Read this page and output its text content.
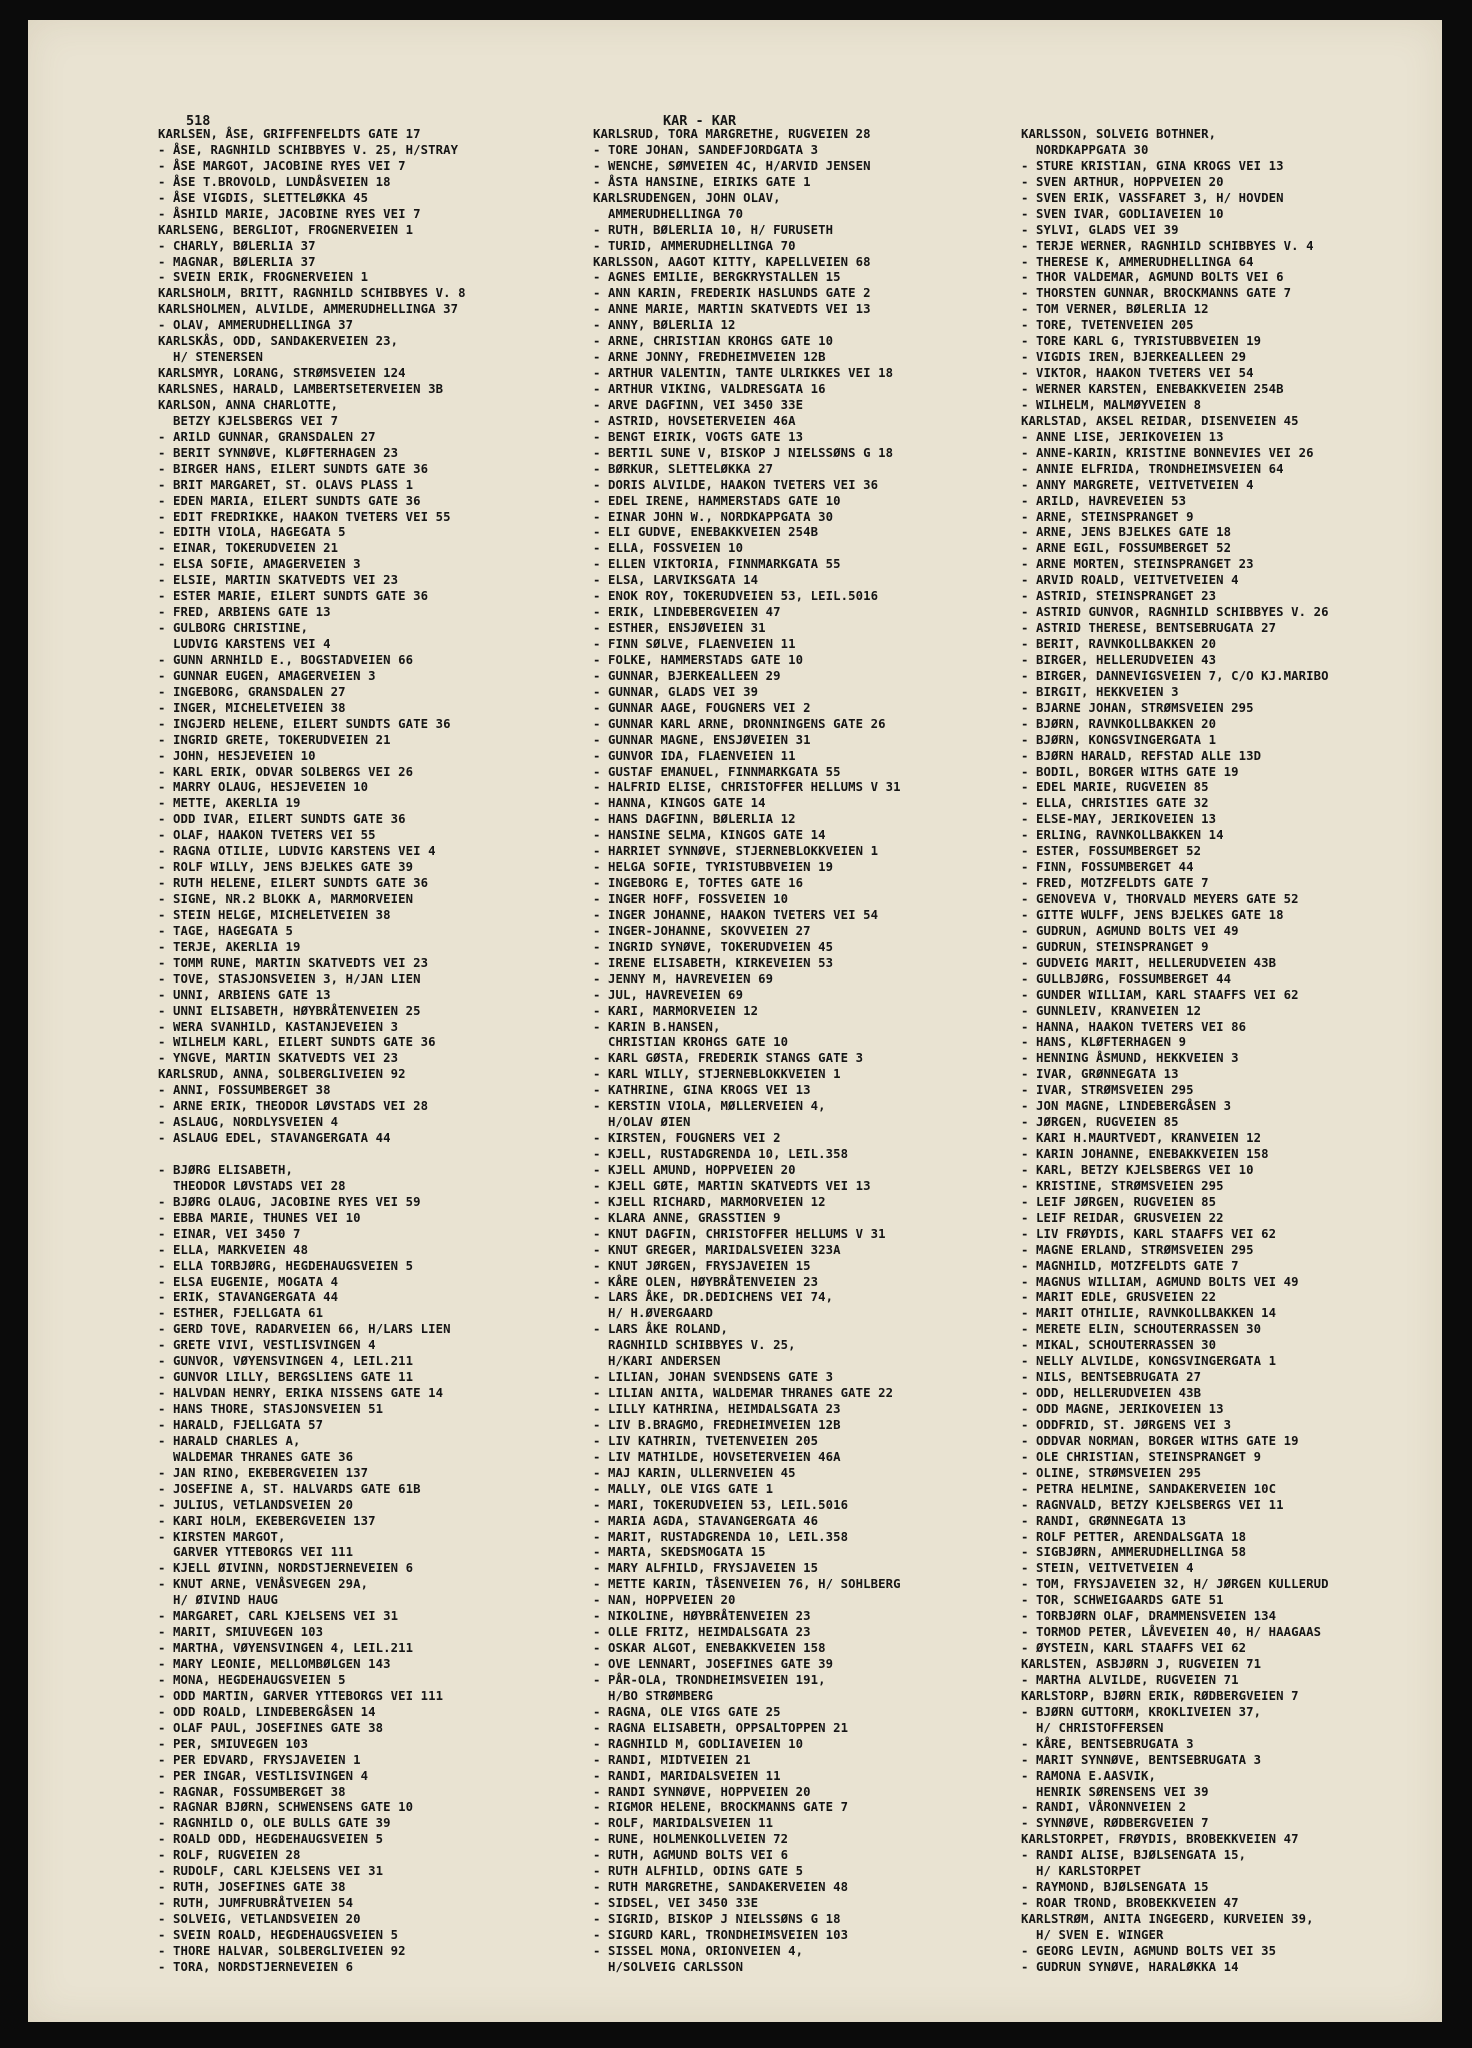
518	KAR - KAR
KARLSEN, ÅSE, GRIFFENFELDTS GATE 17
- ÅSE, RAGNHILD SCHIBBYES V. 25, H/STRAY
- ÅSE MARGOT, JACOBINE RYES VEI 7
- ÅSE T.BROVOLD, LUNDÅSVEIEN 18
- ÅSE VIGDIS, SLETTELØKKA 45
- ÅSHILD MARIE, JACOBINE RYES VEI 7
KARLSENG, BERGLIOT, FROGNERVEIEN 1
- CHARLY, BØLERLIA 37
- MAGNAR, BØLERLIA 37
- SVEIN ERIK, FROGNERVEIEN 1
KARLSHOLM, BRITT, RAGNHILD SCHIBBYES V. 8
KARLSHOLMEN, ALVILDE, AMMERUDHELLINGA 37
- OLAV, AMMERUDHELLINGA 37
KARLSKÅS, ODD, SANDAKERVEIEN 23,
H/ STENERSEN
KARLSMYR, LORANG, STRØMSVEIEN 124
KARLSNES, HARALD, LAMBERTSETERVEIEN 3B
KARLSON, ANNA CHARLOTTE,
BETZY KJELSBERGS VEI 7
- ARILD GUNNAR, GRANSDALEN 27
- BERIT SYNNØVE, KLØFTERHAGEN 23
- BIRGER HANS, EILERT SUNDTS GATE 36
- BRIT MARGARET, ST. OLAVS PLASS 1
- EDEN MARIA, EILERT SUNDTS GATE 36
- EDIT FREDRIKKE, HAAKON TVETERS VEI 55
- EDITH VIOLA, HAGEGATA 5
- EINAR, TOKERUDVEIEN 21
- ELSA SOFIE, AMAGERVEIEN 3
- ELSIE, MARTIN SKATVEDTS VEI 23
- ESTER MARIE, EILERT SUNDTS GATE 36
- FRED, ARBIENS GATE 13
- GULBORG CHRISTINE,
LUDVIG KARSTENS VEI 4
- GUNN ARNHILD E., BOGSTADVEIEN 66
- GUNNAR EUGEN, AMAGERVEIEN 3
- INGEBORG, GRANSDALEN 27
- INGER, MICHELETVEIEN 38
- INGJERD HELENE, EILERT SUNDTS GATE 36
- INGRID GRETE, TOKERUDVEIEN 21
- JOHN, HESJEVEIEN 10
- KARL ERIK, ODVAR SOLBERGS VEI 26
- MARRY OLAUG, HESJEVEIEN 10
- METTE, AKERLIA 19
- ODD IVAR, EILERT SUNDTS GATE 36
- OLAF, HAAKON TVETERS VEI 55
- RAGNA OTILIE, LUDVIG KARSTENS VEI 4
- ROLF WILLY, JENS BJELKES GATE 39
- RUTH HELENE, EILERT SUNDTS GATE 36
- SIGNE, NR.2 BLOKK A, MARMORVEIEN
- STEIN HELGE, MICHELETVEIEN 38
- TAGE, HAGEGATA 5
- TERJE, AKERLIA 19
- TOMM RUNE, MARTIN SKATVEDTS VEI 23
- TOVE, STASJONSVEIEN 3, H/JAN LIEN
- UNNI, ARBIENS GATE 13
- UNNI ELISABETH, HØYBRÅTENVEIEN 25
- WERA SVANHILD, KASTANJEVEIEN 3
- WILHELM KARL, EILERT SUNDTS GATE 36
- YNGVE, MARTIN SKATVEDTS VEI 23
KARLSRUD, ANNA, SOLBERGLIVEIEN 92
- ANNI, FOSSUMBERGET 38
- ARNE ERIK, THEODOR LØVSTADS VEI 28
- ASLAUG, NORDLYSVEIEN 4
- ASLAUG EDEL, STAVANGERGATA 44
- BJØRG ELISABETH,
THEODOR LØVSTADS VEI 28
- BJØRG OLAUG, JACOBINE RYES VEI 59
- EBBA MARIE, THUNES VEI 10
- EINAR, VEI 3450 7
- ELLA, MARKVEIEN 48
- ELLA TORBJØRG, HEGDEHAUGSVEIEN 5
- ELSA EUGENIE, MOGATA 4
- ERIK, STAVANGERGATA 44
- ESTHER, FJELLGATA 61
- GERD TOVE, RADARVEIEN 66, H/LARS LIEN
- GRETE VIVI, VESTLISVINGEN 4
- GUNVOR, VØYENSVINGEN 4, LEIL.211
- GUNVOR LILLY, BERGSLIENS GATE 11
- HALVDAN HENRY, ERIKA NISSENS GATE 14
- HANS THORE, STASJONSVEIEN 51
- HARALD, FJELLGATA 57
- HARALD CHARLES A,
WALDEMAR THRANES GATE 36
- JAN RINO, EKEBERGVEIEN 137
- JOSEFINE A, ST. HALVARDS GATE 61B
- JULIUS, VETLANDSVEIEN 20
- KARI HOLM, EKEBERGVEIEN 137
- KIRSTEN MARGOT,
GARVER YTTEBORGS VEI 111
- KJELL ØIVINN, NORDSTJERNEVEIEN 6
- KNUT ARNE, VENÅSVEGEN 29A,
H/ ØIVIND HAUG
- MARGARET, CARL KJELSENS VEI 31
- MARIT, SMIUVEGEN 103
- MARTHA, VØYENSVINGEN 4, LEIL.211
- MARY LEONIE, MELLOMBØLGEN 143
- MONA, HEGDEHAUGSVEIEN 5
- ODD MARTIN, GARVER YTTEBORGS VEI 111
- ODD ROALD, LINDEBERGÅSEN 14
- OLAF PAUL, JOSEFINES GATE 38
- PER, SMIUVEGEN 103
- PER EDVARD, FRYSJAVEIEN 1
- PER INGAR, VESTLISVINGEN 4
- RAGNAR, FOSSUMBERGET 38
- RAGNAR BJØRN, SCHWENSENS GATE 10
- RAGNHILD O, OLE BULLS GATE 39
- ROALD ODD, HEGDEHAUGSVEIEN 5
- ROLF, RUGVEIEN 28
- RUDOLF, CARL KJELSENS VEI 31
- RUTH, JOSEFINES GATE 38
- RUTH, JUMFRUBRÅTVEIEN 54
- SOLVEIG, VETLANDSVEIEN 20
- SVEIN ROALD, HEGDEHAUGSVEIEN 5
- THORE HALVAR, SOLBERGLIVEIEN 92
- TORA, NORDSTJERNEVEIEN 6
KARLSRUD, TORA MARGRETHE, RUGVEIEN 28
- TORE JOHAN, SANDEFJORDGATA 3
- WENCHE, SØMVEIEN 4C, H/ARVID JENSEN
- ÅSTA HANSINE, EIRIKS GATE 1
KARLSRUDENGEN, JOHN OLAV,
AMMERUDHELLINGA 70
- RUTH, BØLERLIA 10, H/ FURUSETH
- TURID, AMMERUDHELLINGA 70
KARLSSON, AAGOT KITTY, KAPELLVEIEN 68
- AGNES EMILIE, BERGKRYSTALLEN 15
- ANN KARIN, FREDERIK HASLUNDS GATE 2
- ANNE MARIE, MARTIN SKATVEDTS VEI 13
- ANNY, BØLERLIA 12
- ARNE, CHRISTIAN KROHGS GATE 10
- ARNE JONNY, FREDHEIMVEIEN 12B
- ARTHUR VALENTIN, TANTE ULRIKKES VEI 18
- ARTHUR VIKING, VALDRESGATA 16
- ARVE DAGFINN, VEI 3450 33E
- ASTRID, HOVSETERVEIEN 46A
- BENGT EIRIK, VOGTS GATE 13
- BERTIL SUNE V, BISKOP J NIELSSØNS G 18
- BØRKUR, SLETTELØKKA 27
- DORIS ALVILDE, HAAKON TVETERS VEI 36
- EDEL IRENE, HAMMERSTADS GATE 10
- EINAR JOHN W., NORDKAPPGATA 30
- ELI GUDVE, ENEBAKKVEIEN 254B
- ELLA, FOSSVEIEN 10
- ELLEN VIKTORIA, FINNMARKGATA 55
- ELSA, LARVIKSGATA 14
- ENOK ROY, TOKERUDVEIEN 53, LEIL.5016
- ERIK, LINDEBERGVEIEN 47
- ESTHER, ENSJØVEIEN 31
- FINN SØLVE, FLAENVEIEN 11
- FOLKE, HAMMERSTADS GATE 10
- GUNNAR, BJERKEALLEEN 29
- GUNNAR, GLADS VEI 39
- GUNNAR AAGE, FOUGNERS VEI 2
- GUNNAR KARL ARNE, DRONNINGENS GATE 26
- GUNNAR MAGNE, ENSJØVEIEN 31
- GUNVOR IDA, FLAENVEIEN 11
- GUSTAF EMANUEL, FINNMARKGATA 55
- HALFRID ELISE, CHRISTOFFER HELLUMS V 31
- HANNA, KINGOS GATE 14
- HANS DAGFINN, BØLERLIA 12
- HANSINE SELMA, KINGOS GATE 14
- HARRIET SYNNØVE, STJERNEBLOKKVEIEN 1
- HELGA SOFIE, TYRISTUBBVEIEN 19
- INGEBORG E, TOFTES GATE 16
- INGER HOFF, FOSSVEIEN 10
- INGER JOHANNE, HAAKON TVETERS VEI 54
- INGER-JOHANNE, SKOVVEIEN 27
- INGRID SYNØVE, TOKERUDVEIEN 45
- IRENE ELISABETH, KIRKEVEIEN 53
- JENNY M, HAVREVEIEN 69
- JUL, HAVREVEIEN 69
- KARI, MARMORVEIEN 12
- KARIN B.HANSEN,
CHRISTIAN KROHGS GATE 10
- KARL GØSTA, FREDERIK STANGS GATE 3
- KARL WILLY, STJERNEBLOKKVEIEN 1
- KATHRINE, GINA KROGS VEI 13
- KERSTIN VIOLA, MØLLERVEIEN 4,
H/OLAV ØIEN
- KIRSTEN, FOUGNERS VEI 2
- KJELL, RUSTADGRENDA 10, LEIL.358
- KJELL AMUND, HOPPVEIEN 20
- KJELL GØTE, MARTIN SKATVEDTS VEI 13
- KJELL RICHARD, MARMORVEIEN 12
- KLARA ANNE, GRASSTIEN 9
- KNUT DAGFIN, CHRISTOFFER HELLUMS V 31
- KNUT GREGER, MARIDALSVEIEN 323A
- KNUT JØRGEN, FRYSJAVEIEN 15
- KÅRE OLEN, HØYBRÅTENVEIEN 23
- LARS ÅKE, DR.DEDICHENS VEI 74,
H/ H.ØVERGAARD
- LARS ÅKE ROLAND,
RAGNHILD SCHIBBYES V. 25,
H/KARI ANDERSEN
- LILIAN, JOHAN SVENDSENS GATE 3
- LILIAN ANITA, WALDEMAR THRANES GATE 22
- LILLY KATHRINA, HEIMDALSGATA 23
- LIV B.BRAGMO, FREDHEIMVEIEN 12B
- LIV KATHRIN, TVETENVEIEN 205
- LIV MATHILDE, HOVSETERVEIEN 46A
- MAJ KARIN, ULLERNVEIEN 45
- MALLY, OLE VIGS GATE 1
- MARI, TOKERUDVEIEN 53, LEIL.5016
- MARIA AGDA, STAVANGERGATA 46
- MARIT, RUSTADGRENDA 10, LEIL.358
- MARTA, SKEDSMOGATA 15
- MARY ALFHILD, FRYSJAVEIEN 15
- METTE KARIN, TÅSENVEIEN 76, H/ SOHLBERG
- NAN, HOPPVEIEN 20
- NIKOLINE, HØYBRÅTENVEIEN 23
- OLLE FRITZ, HEIMDALSGATA 23
- OSKAR ALGOT, ENEBAKKVEIEN 158
- OVE LENNART, JOSEFINES GATE 39
- PÅR-OLA, TRONDHEIMSVEIEN 191,
H/BO STRØMBERG
- RAGNA, OLE VIGS GATE 25
- RAGNA ELISABETH, OPPSALTOPPEN 21
- RAGNHILD M, GODLIAVEIEN 10
- RANDI, MIDTVEIEN 21
- RANDI, MARIDALSVEIEN 11
- RANDI SYNNØVE, HOPPVEIEN 20
- RIGMOR HELENE, BROCKMANNS GATE 7
- ROLF, MARIDALSVEIEN 11
- RUNE, HOLMENKOLLVEIEN 72
- RUTH, AGMUND BOLTS VEI 6
- RUTH ALFHILD, ODINS GATE 5
- RUTH MARGRETHE, SANDAKERVEIEN 48
- SIDSEL, VEI 3450 33E
- SIGRID, BISKOP J NIELSSØNS G 18
- SIGURD KARL, TRONDHEIMSVEIEN 103
- SISSEL MONA, ORIONVEIEN 4,
H/SOLVEIG CARLSSON
KARLSSON, SOLVEIG BOTHNER,
NORDKAPPGATA 30
- STURE KRISTIAN, GINA KROGS VEI 13
- SVEN ARTHUR, HOPPVEIEN 20
- SVEN ERIK, VASSFARET 3, H/ HOVDEN
- SVEN IVAR, GODLIAVEIEN 10
- SYLVI, GLADS VEI 39
- TERJE WERNER, RAGNHILD SCHIBBYES V. 4
- THERESE K, AMMERUDHELLINGA 64
- THOR VALDEMAR, AGMUND BOLTS VEI 6
- THORSTEN GUNNAR, BROCKMANNS GATE 7
- TOM VERNER, BØLERLIA 12
- TORE, TVETENVEIEN 205
- TORE KARL G, TYRISTUBBVEIEN 19
- VIGDIS IREN, BJERKEALLEEN 29
- VIKTOR, HAAKON TVETERS VEI 54
- WERNER KARSTEN, ENEBAKKVEIEN 254B
- WILHELM, MALMØYVEIEN 8
KARLSTAD, AKSEL REIDAR, DISENVEIEN 45
- ANNE LISE, JERIKOVEIEN 13
- ANNE-KARIN, KRISTINE BONNEVIES VEI 26
- ANNIE ELFRIDA, TRONDHEIMSVEIEN 64
- ANNY MARGRETE, VEITVETVEIEN 4
- ARILD, HAVREVEIEN 53
- ARNE, STEINSPRANGET 9
- ARNE, JENS BJELKES GATE 18
- ARNE EGIL, FOSSUMBERGET 52
- ARNE MORTEN, STEINSPRANGET 23
- ARVID ROALD, VEITVETVEIEN 4
- ASTRID, STEINSPRANGET 23
- ASTRID GUNVOR, RAGNHILD SCHIBBYES V. 26
- ASTRID THERESE, BENTSEBRUGATA 27
- BERIT, RAVNKOLLBAKKEN 20
- BIRGER, HELLERUDVEIEN 43
- BIRGER, DANNEVIGSVEIEN 7, C/O KJ.MARIBO
- BIRGIT, HEKKVEIEN 3
- BJARNE JOHAN, STRØMSVEIEN 295
- BJØRN, RAVNKOLLBAKKEN 20
- BJØRN, KONGSVINGERGATA 1
- BJØRN HARALD, REFSTAD ALLE 13D
- BODIL, BORGER WITHS GATE 19
- EDEL MARIE, RUGVEIEN 85
- ELLA, CHRISTIES GATE 32
- ELSE-MAY, JERIKOVEIEN 13
- ERLING, RAVNKOLLBAKKEN 14
- ESTER, FOSSUMBERGET 52
- FINN, FOSSUMBERGET 44
- FRED, MOTZFELDTS GATE 7
- GENOVEVA V, THORVALD MEYERS GATE 52
- GITTE WULFF, JENS BJELKES GATE 18
- GUDRUN, AGMUND BOLTS VEI 49
- GUDRUN, STEINSPRANGET 9
- GUDVEIG MARIT, HELLERUDVEIEN 43B
- GULLBJØRG, FOSSUMBERGET 44
- GUNDER WILLIAM, KARL STAAFFS VEI 62
- GUNNLEIV, KRANVEIEN 12
- HANNA, HAAKON TVETERS VEI 86
- HANS, KLØFTERHAGEN 9
- HENNING ÅSMUND, HEKKVEIEN 3
- IVAR, GRØNNEGATA 13
- IVAR, STRØMSVEIEN 295
- JON MAGNE, LINDEBERGÅSEN 3
- JØRGEN, RUGVEIEN 85
- KARI H.MAURTVEDT, KRANVEIEN 12
- KARIN JOHANNE, ENEBAKKVEIEN 158
- KARL, BETZY KJELSBERGS VEI 10
- KRISTINE, STRØMSVEIEN 295
- LEIF JØRGEN, RUGVEIEN 85
- LEIF REIDAR, GRUSVEIEN 22
- LIV FRØYDIS, KARL STAAFFS VEI 62
- MAGNE ERLAND, STRØMSVEIEN 295
- MAGNHILD, MOTZFELDTS GATE 7
- MAGNUS WILLIAM, AGMUND BOLTS VEI 49
- MARIT EDLE, GRUSVEIEN 22
- MARIT OTHILIE, RAVNKOLLBAKKEN 14
- MERETE ELIN, SCHOUTERRASSEN 30
- MIKAL, SCHOUTERRASSEN 30
- NELLY ALVILDE, KONGSVINGERGATA 1
- NILS, BENTSEBRUGATA 27
- ODD, HELLERUDVEIEN 43B
- ODD MAGNE, JERIKOVEIEN 13
- ODDFRID, ST. JØRGENS VEI 3
- ODDVAR NORMAN, BORGER WITHS GATE 19
- OLE CHRISTIAN, STEINSPRANGET 9
- OLINE, STRØMSVEIEN 295
- PETRA HELMINE, SANDAKERVEIEN 10C
- RAGNVALD, BETZY KJELSBERGS VEI 11
- RANDI, GRØNNEGATA 13
- ROLF PETTER, ARENDALSGATA 18
- SIGBJØRN, AMMERUDHELLINGA 58
- STEIN, VEITVETVEIEN 4
- TOM, FRYSJAVEIEN 32, H/ JØRGEN KULLERUD
- TOR, SCHWEIGAARDS GATE 51
- TORBJØRN OLAF, DRAMMENSVEIEN 134
- TORMOD PETER, LÅVEVEIEN 40, H/ HAAGAAS
- ØYSTEIN, KARL STAAFFS VEI 62
KARLSTEN, ASBJØRN J, RUGVEIEN 71
- MARTHA ALVILDE, RUGVEIEN 71
KARLSTORP, BJØRN ERIK, RØDBERGVEIEN 7
- BJØRN GUTTORM, KROKLIVEIEN 37,
H/ CHRISTOFFERSEN
- KÅRE, BENTSEBRUGATA 3
- MARIT SYNNØVE, BENTSEBRUGATA 3
- RAMONA E.AASVIK,
HENRIK SØRENSENS VEI 39
- RANDI, VÅRONNVEIEN 2
- SYNNØVE, RØDBERGVEIEN 7
KARLSTORPET, FRØYDIS, BROBEKKVEIEN 47
- RANDI ALISE, BJØLSENGATA 15,
H/ KARLSTORPET
- RAYMOND, BJØLSENGATA 15
- ROAR TROND, BROBEKKVEIEN 47
KARLSTRØM, ANITA INGEGERD, KURVEIEN 39,
H/ SVEN E. WINGER
- GEORG LEVIN, AGMUND BOLTS VEI 35
- GUDRUN SYNØVE, HARALØKKA 14
